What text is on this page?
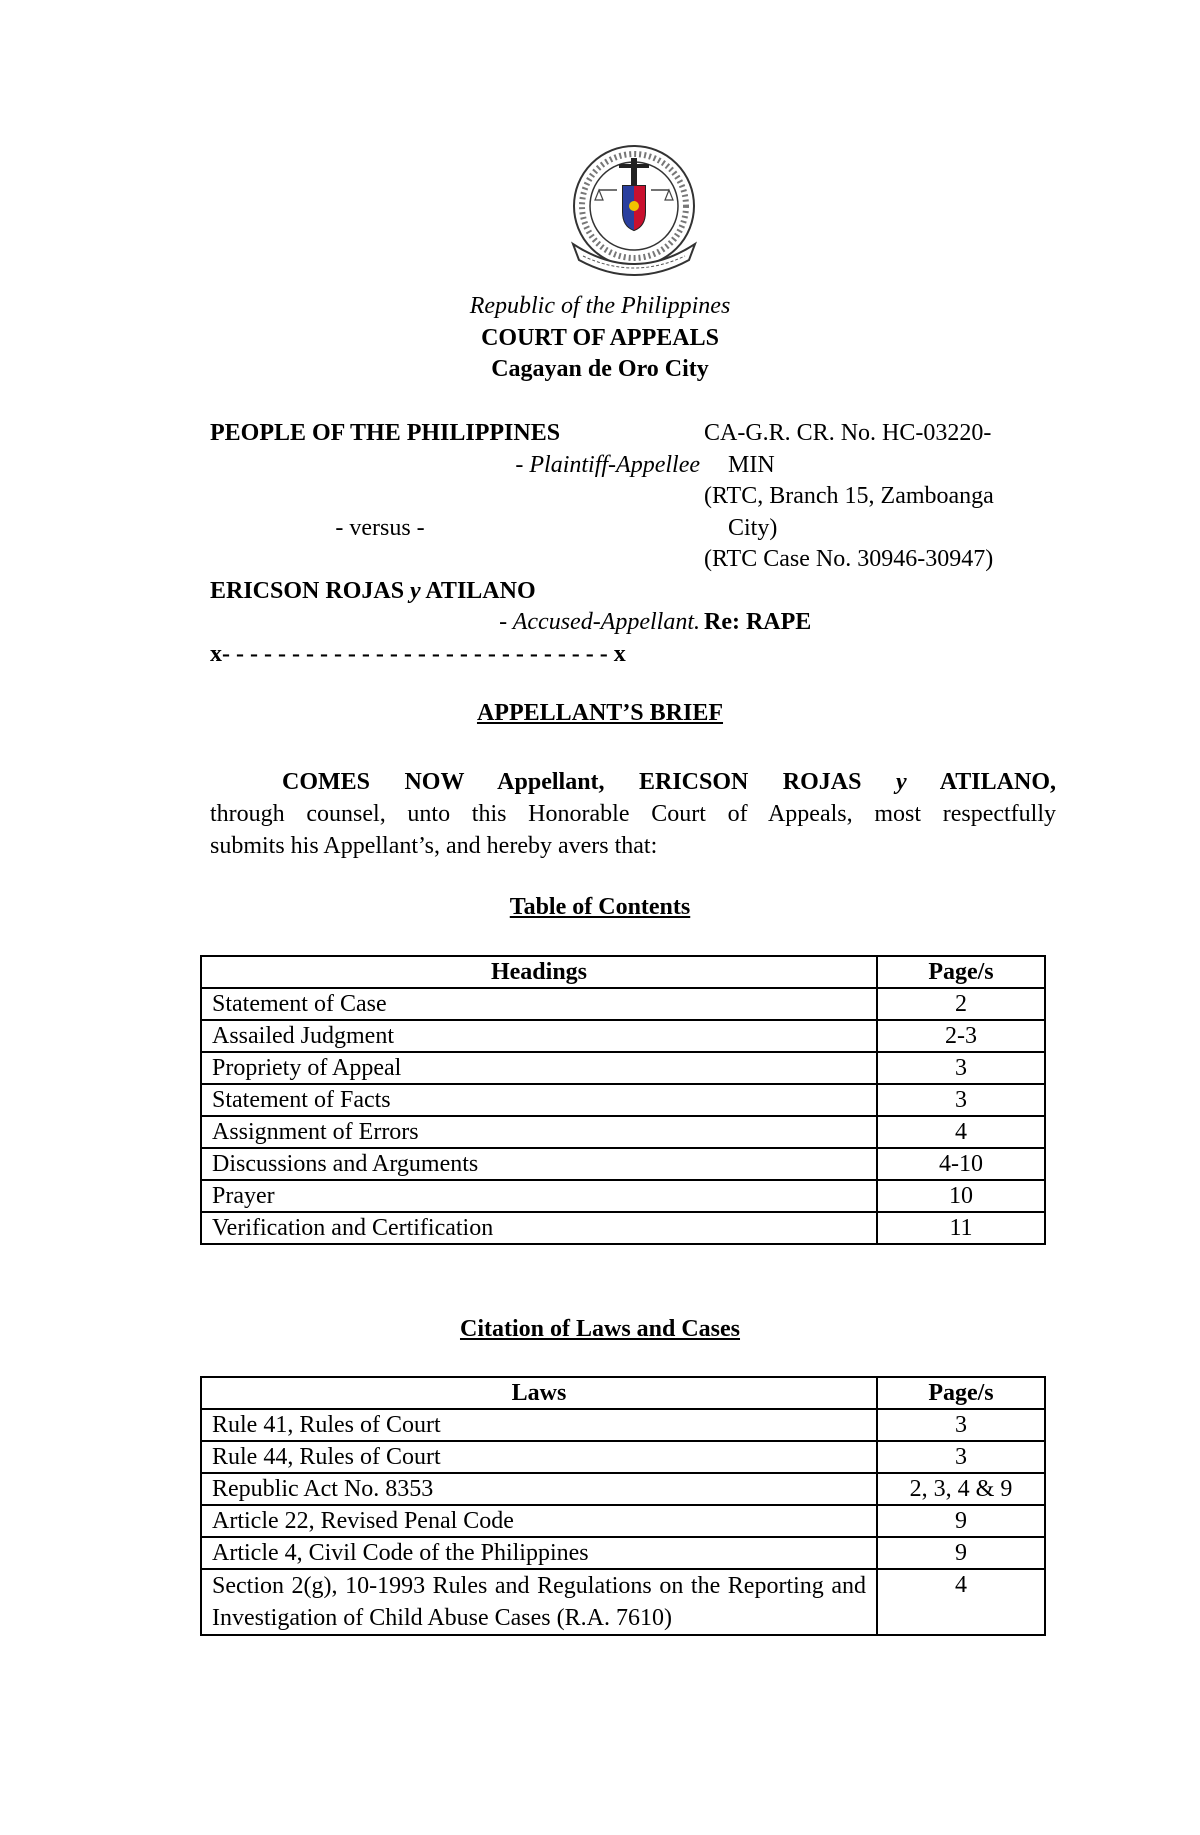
Republic of the Philippines
COURT OF APPEALS
Cagayan de Oro City
PEOPLE OF THE PHILIPPINES
- Plaintiff-Appellee
- versus -
ERICSON ROJAS y ATILANO
- Accused-Appellant.
x- - - - - - - - - - - - - - - - - - - - - - - - - - - - x
CA-G.R. CR. No. HC-03220-
MIN
(RTC, Branch 15, Zamboanga
City)
(RTC Case No. 30946-30947)
Re: RAPE
APPELLANT’S BRIEF
COMES NOW Appellant, ERICSON ROJAS y ATILANO,
through counsel, unto this Honorable Court of Appeals, most respectfully
submits his Appellant’s, and hereby avers that:
Table of Contents
Headings	Page/s
Statement of Case	2
Assailed Judgment	2-3
Propriety of Appeal	3
Statement of Facts	3
Assignment of Errors	4
Discussions and Arguments	4-10
Prayer	10
Verification and Certification	11
Citation of Laws and Cases
Laws	Page/s
Rule 41, Rules of Court	3
Rule 44, Rules of Court	3
Republic Act No. 8353	2, 3, 4 & 9
Article 22, Revised Penal Code	9
Article 4, Civil Code of the Philippines	9
Section 2(g), 10-1993 Rules and Regulations on the Reporting and Investigation of Child Abuse Cases (R.A. 7610)	4
